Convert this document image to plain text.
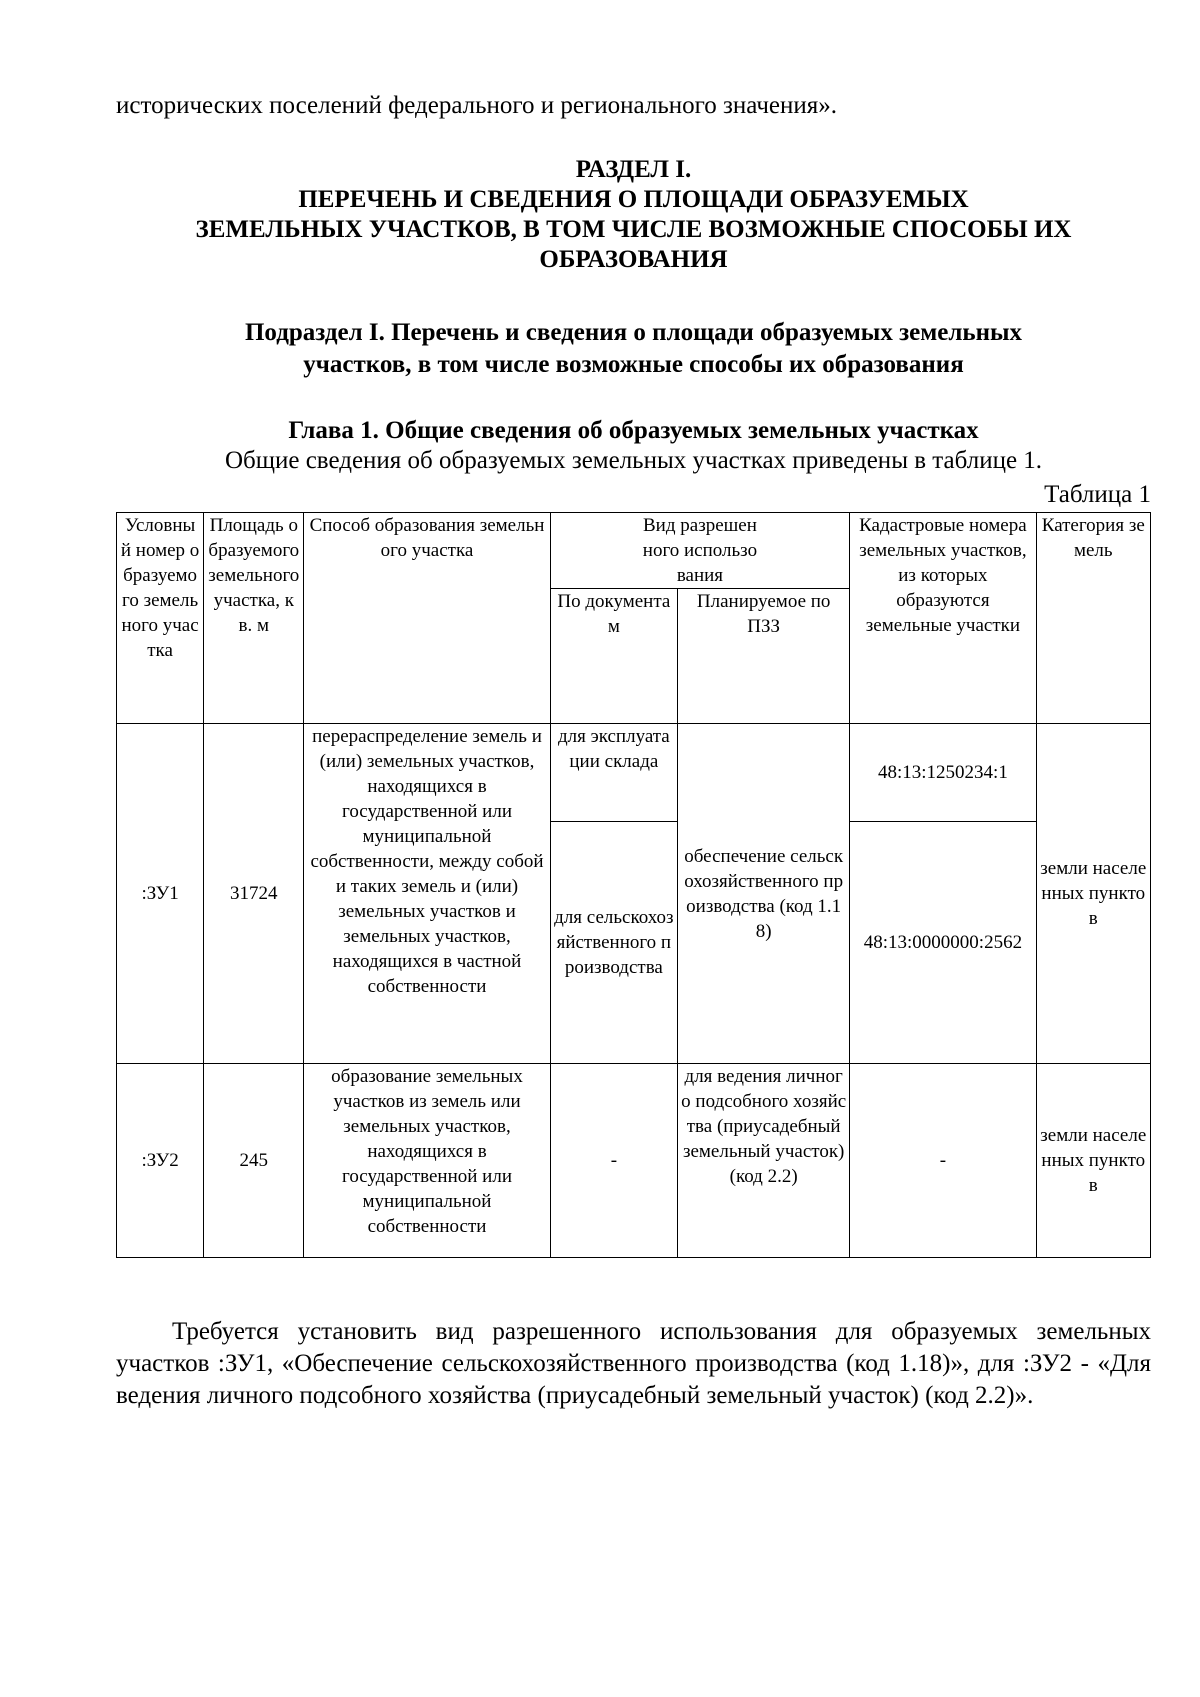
исторических поселений федерального и регионального значения».
РАЗДЕЛ I.
ПЕРЕЧЕНЬ И СВЕДЕНИЯ О ПЛОЩАДИ ОБРАЗУЕМЫХ
ЗЕМЕЛЬНЫХ УЧАСТКОВ, В ТОМ ЧИСЛЕ ВОЗМОЖНЫЕ СПОСОБЫ ИХ
ОБРАЗОВАНИЯ
Подраздел I. Перечень и сведения о площади образуемых земельных
участков, в том числе возможные способы их образования
Глава 1. Общие сведения об образуемых земельных участках
Общие сведения об образуемых земельных участках приведены в таблице 1.
Таблица 1
Условный номер образуемого земельного участка	Площадь образуемого земельного участка, кв. м	Способ образования земельного участка	Вид разрешенного использования		Кадастровые номера земельных участков, из которых образуются земельные участки	Категория земель
			По документам	Планируемое по ПЗЗ		
:ЗУ1	31724	перераспределение земель и (или) земельных участков, находящихся в государственной или муниципальной собственности, между собой и таких земель и (или) земельных участков и земельных участков, находящихся в частной собственности	для эксплуатации склада	обеспечение сельскохозяйственного производства (код 1.18)	48:13:1250234:1	земли населенных пунктов
			для сельскохозяйственного производства		48:13:0000000:2562	
:ЗУ2	245	образование земельных участков из земель или земельных участков, находящихся в государственной или муниципальной собственности	-	для ведения личного подсобного хозяйства (приусадебный земельный участок) (код 2.2)	-	земли населенных пунктов
Требуется установить вид разрешенного использования для образуемых земельных участков :ЗУ1, «Обеспечение сельскохозяйственного производства (код 1.18)», для :ЗУ2 - «Для ведения личного подсобного хозяйства (приусадебный земельный участок) (код 2.2)».
